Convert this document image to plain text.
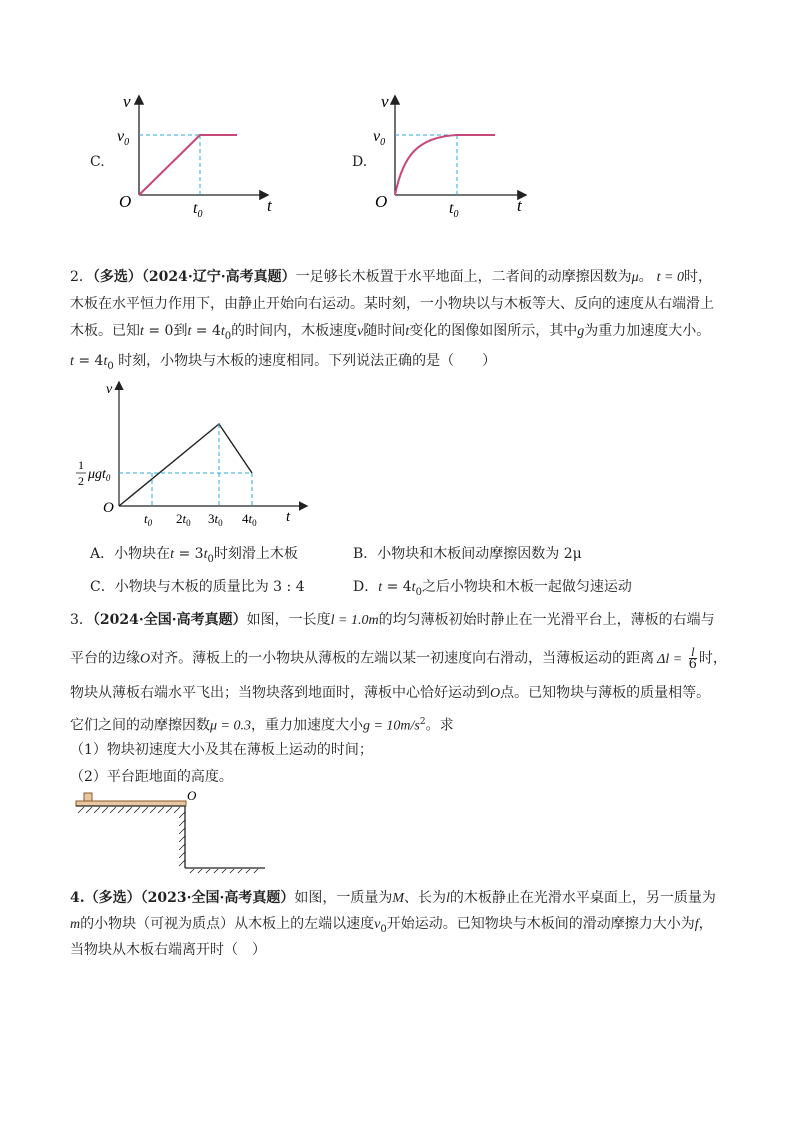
C.
v
t
O
$v_0$
$t_0$
D.
v
t
O
$v_0$
$t_0$
2．（多选）（2024·辽宁·高考真题）一足够长木板置于水平地面上，二者间的动摩擦因数为μ。 t = 0时，
木板在水平恒力作用下，由静止开始向右运动。某时刻，一小物块以与木板等大、反向的速度从右端滑上
木板。已知t = 0到$t = 4t_0$的时间内，木板速度v随时间t变化的图像如图所示，其中g为重力加速度大小。
$t = 4t_0$ 时刻，小物块与木板的速度相同。下列说法正确的是（　　）
v
t
O
$t_0$ $2t_0$ $3t_0$ $4t_0$
1
2 μgt$_0$
A．小物块在$t = 3t_0$时刻滑上木板	B．小物块和木板间动摩擦因数为 2μ
C．小物块与木板的质量比为 3 : 4	D．$t = 4t_0$之后小物块和木板一起做匀速运动
3．（2024·全国·高考真题）如图，一长度l = 1.0m的均匀薄板初始时静止在一光滑平台上，薄板的右端与
平台的边缘O对齐。薄板上的一小物块从薄板的左端以某一初速度向右滑动，当薄板运动的距离 $\Delta l = \frac{l}{6}$ 时，
物块从薄板右端水平飞出；当物块落到地面时，薄板中心恰好运动到O点。已知物块与薄板的质量相等。
它们之间的动摩擦因数μ = 0.3，重力加速度大小$g = 10m/s^2$。求
（1）物块初速度大小及其在薄板上运动的时间；
（2）平台距地面的高度。
O
4.（多选）（2023·全国·高考真题）如图，一质量为M、长为l的木板静止在光滑水平桌面上，另一质量为
m的小物块（可视为质点）从木板上的左端以速度$v_0$开始运动。已知物块与木板间的滑动摩擦力大小为f，
当物块从木板右端离开时（　）
